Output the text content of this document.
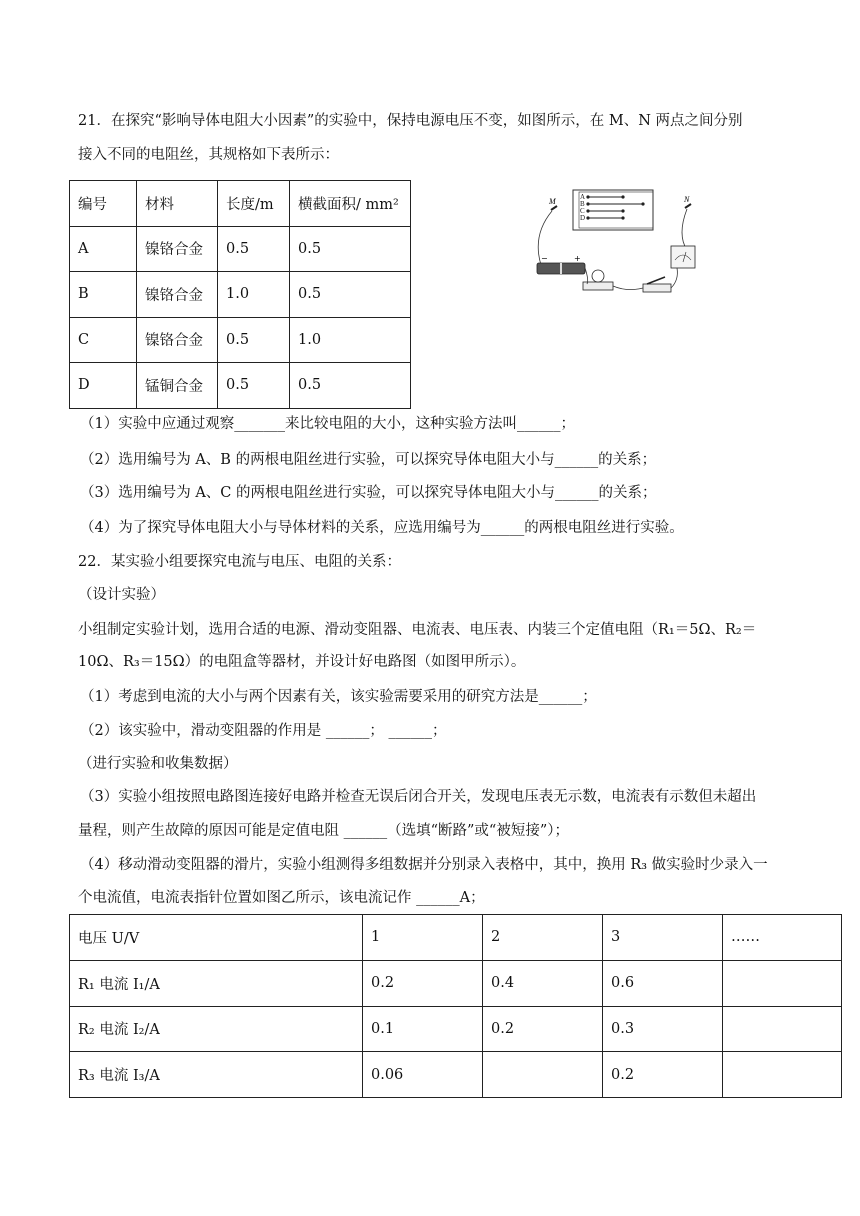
21．在探究“影响导体电阻大小因素”的实验中，保持电源电压不变，如图所示，在 M、N 两点之间分别
接入不同的电阻丝，其规格如下表所示：
编号	材料	长度/m	横截面积/ mm²
A	镍铬合金	0.5	0.5
B	镍铬合金	1.0	0.5
C	镍铬合金	0.5	1.0
D	锰铜合金	0.5	0.5
A
B
C
D
M	N
−	+
（1）实验中应通过观察_______来比较电阻的大小，这种实验方法叫______；
（2）选用编号为 A、B 的两根电阻丝进行实验，可以探究导体电阻大小与______的关系；
（3）选用编号为 A、C 的两根电阻丝进行实验，可以探究导体电阻大小与______的关系；
（4）为了探究导体电阻大小与导体材料的关系，应选用编号为______的两根电阻丝进行实验。
22．某实验小组要探究电流与电压、电阻的关系：
（设计实验）
小组制定实验计划，选用合适的电源、滑动变阻器、电流表、电压表、内装三个定值电阻（R₁＝5Ω、R₂＝
10Ω、R₃＝15Ω）的电阻盒等器材，并设计好电路图（如图甲所示）。
（1）考虑到电流的大小与两个因素有关，该实验需要采用的研究方法是______；
（2）该实验中，滑动变阻器的作用是 ______； ______；
（进行实验和收集数据）
（3）实验小组按照电路图连接好电路并检查无误后闭合开关，发现电压表无示数，电流表有示数但未超出
量程，则产生故障的原因可能是定值电阻 ______（选填“断路”或“被短接”）；
（4）移动滑动变阻器的滑片，实验小组测得多组数据并分别录入表格中，其中，换用 R₃ 做实验时少录入一
个电流值，电流表指针位置如图乙所示，该电流记作 ______A；
电压 U/V	1	2	3	……
R₁ 电流 I₁/A	0.2	0.4	0.6	
R₂ 电流 I₂/A	0.1	0.2	0.3	
R₃ 电流 I₃/A	0.06		0.2	
